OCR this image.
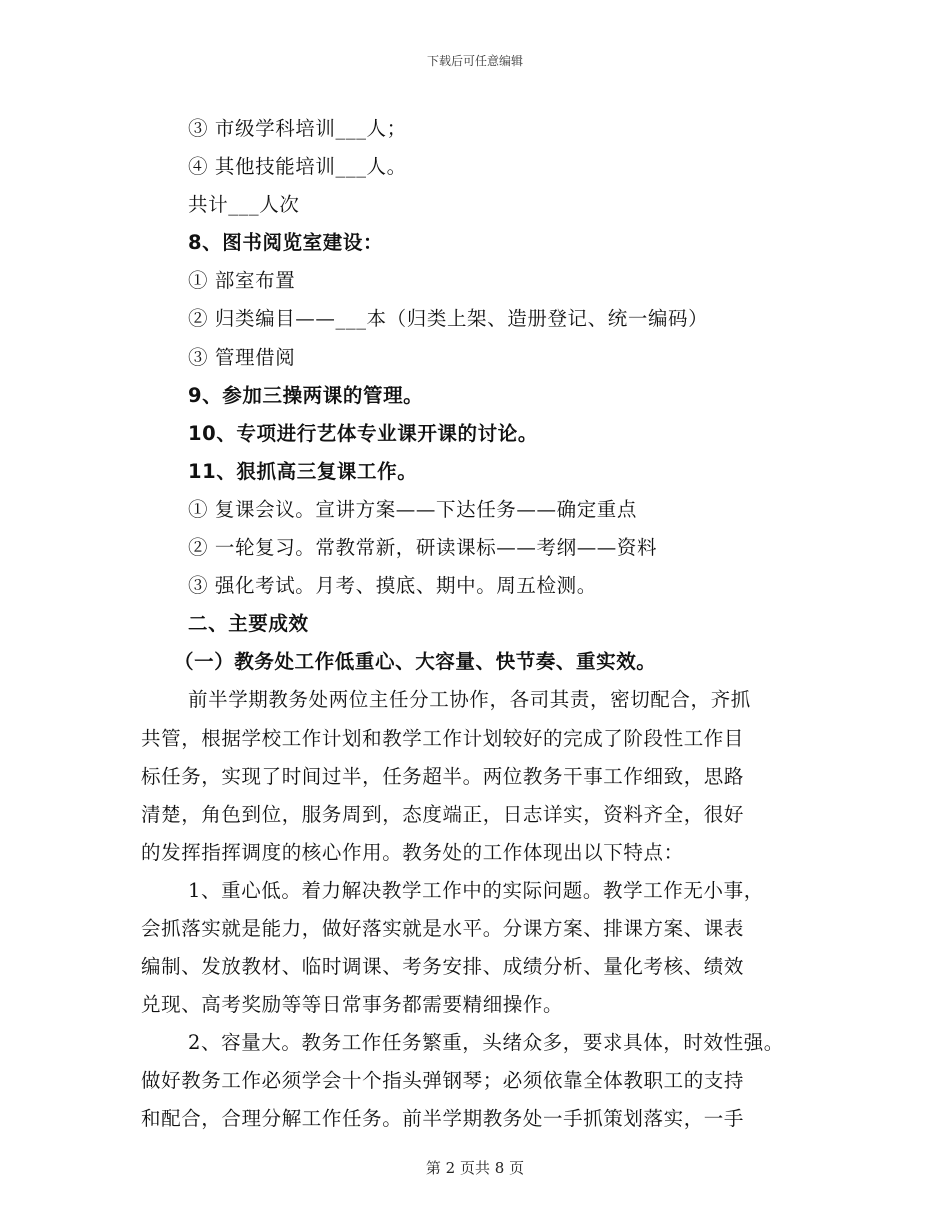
下载后可任意编辑
③ 市级学科培训___人；
④ 其他技能培训___人。
共计___人次
8、图书阅览室建设：
① 部室布置
② 归类编目——___本（归类上架、造册登记、统一编码）
③ 管理借阅
9、参加三操两课的管理。
10、专项进行艺体专业课开课的讨论。
11、狠抓高三复课工作。
① 复课会议。宣讲方案——下达任务——确定重点
② 一轮复习。常教常新，研读课标——考纲——资料
③ 强化考试。月考、摸底、期中。周五检测。
二、主要成效
（一）教务处工作低重心、大容量、快节奏、重实效。
前半学期教务处两位主任分工协作，各司其责，密切配合，齐抓
共管，根据学校工作计划和教学工作计划较好的完成了阶段性工作目
标任务，实现了时间过半，任务超半。两位教务干事工作细致，思路
清楚，角色到位，服务周到，态度端正，日志详实，资料齐全，很好
的发挥指挥调度的核心作用。教务处的工作体现出以下特点：
1、重心低。着力解决教学工作中的实际问题。教学工作无小事，
会抓落实就是能力，做好落实就是水平。分课方案、排课方案、课表
编制、发放教材、临时调课、考务安排、成绩分析、量化考核、绩效
兑现、高考奖励等等日常事务都需要精细操作。
2、容量大。教务工作任务繁重，头绪众多，要求具体，时效性强。
做好教务工作必须学会十个指头弹钢琴；必须依靠全体教职工的支持
和配合，合理分解工作任务。前半学期教务处一手抓策划落实，一手
第 2 页共 8 页
